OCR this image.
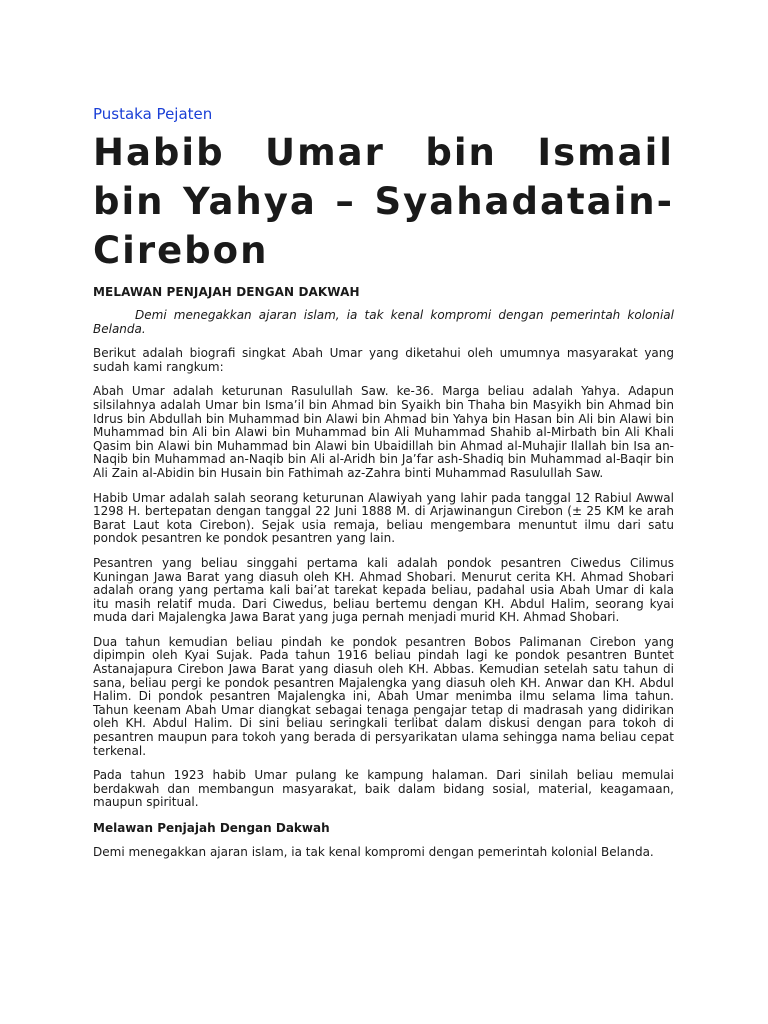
Pustaka Pejaten
Habib Umar bin Ismail bin Yahya – Syahadatain- Cirebon
MELAWAN PENJAJAH DENGAN DAKWAH

Demi menegakkan ajaran islam, ia tak kenal kompromi dengan pemerintah kolonial Belanda.

Berikut adalah biografi singkat Abah Umar yang diketahui oleh umumnya masyarakat yang sudah kami rangkum:

Abah Umar adalah keturunan Rasulullah Saw. ke-36. Marga beliau adalah Yahya. Adapun silsilahnya adalah Umar bin Isma’il bin Ahmad bin Syaikh bin Thaha bin Masyikh bin Ahmad bin Idrus bin Abdullah bin Muhammad bin Alawi bin Ahmad bin Yahya bin Hasan bin Ali bin Alawi bin Muhammad bin Ali bin Alawi bin Muhammad bin Ali Muhammad Shahib al-Mirbath bin Ali Khali Qasim bin Alawi bin Muhammad bin Alawi bin Ubaidillah bin Ahmad al-Muhajir Ilallah bin Isa an-Naqib bin Muhammad an-Naqib bin Ali al-Aridh bin Ja’far ash-Shadiq bin Muhammad al-Baqir bin Ali Zain al-Abidin bin Husain bin Fathimah az-Zahra binti Muhammad Rasulullah Saw.

Habib Umar adalah salah seorang keturunan Alawiyah yang lahir pada tanggal 12 Rabiul Awwal 1298 H. bertepatan dengan tanggal 22 Juni 1888 M. di Arjawinangun Cirebon (± 25 KM ke arah Barat Laut kota Cirebon). Sejak usia remaja, beliau mengembara menuntut ilmu dari satu pondok pesantren ke pondok pesantren yang lain.

Pesantren yang beliau singgahi pertama kali adalah pondok pesantren Ciwedus Cilimus Kuningan Jawa Barat yang diasuh oleh KH. Ahmad Shobari. Menurut cerita KH. Ahmad Shobari adalah orang yang pertama kali bai’at tarekat kepada beliau, padahal usia Abah Umar di kala itu masih relatif muda. Dari Ciwedus, beliau bertemu dengan KH. Abdul Halim, seorang kyai muda dari Majalengka Jawa Barat yang juga pernah menjadi murid KH. Ahmad Shobari.

Dua tahun kemudian beliau pindah ke pondok pesantren Bobos Palimanan Cirebon yang dipimpin oleh Kyai Sujak. Pada tahun 1916 beliau pindah lagi ke pondok pesantren Buntet Astanajapura Cirebon Jawa Barat yang diasuh oleh KH. Abbas. Kemudian setelah satu tahun di sana, beliau pergi ke pondok pesantren Majalengka yang diasuh oleh KH. Anwar dan KH. Abdul Halim. Di pondok pesantren Majalengka ini, Abah Umar menimba ilmu selama lima tahun. Tahun keenam Abah Umar diangkat sebagai tenaga pengajar tetap di madrasah yang didirikan oleh KH. Abdul Halim. Di sini beliau seringkali terlibat dalam diskusi dengan para tokoh di pesantren maupun para tokoh yang berada di persyarikatan ulama sehingga nama beliau cepat terkenal.

Pada tahun 1923 habib Umar pulang ke kampung halaman. Dari sinilah beliau memulai berdakwah dan membangun masyarakat, baik dalam bidang sosial, material, keagamaan, maupun spiritual.

Melawan Penjajah Dengan Dakwah

Demi menegakkan ajaran islam, ia tak kenal kompromi dengan pemerintah kolonial Belanda.
